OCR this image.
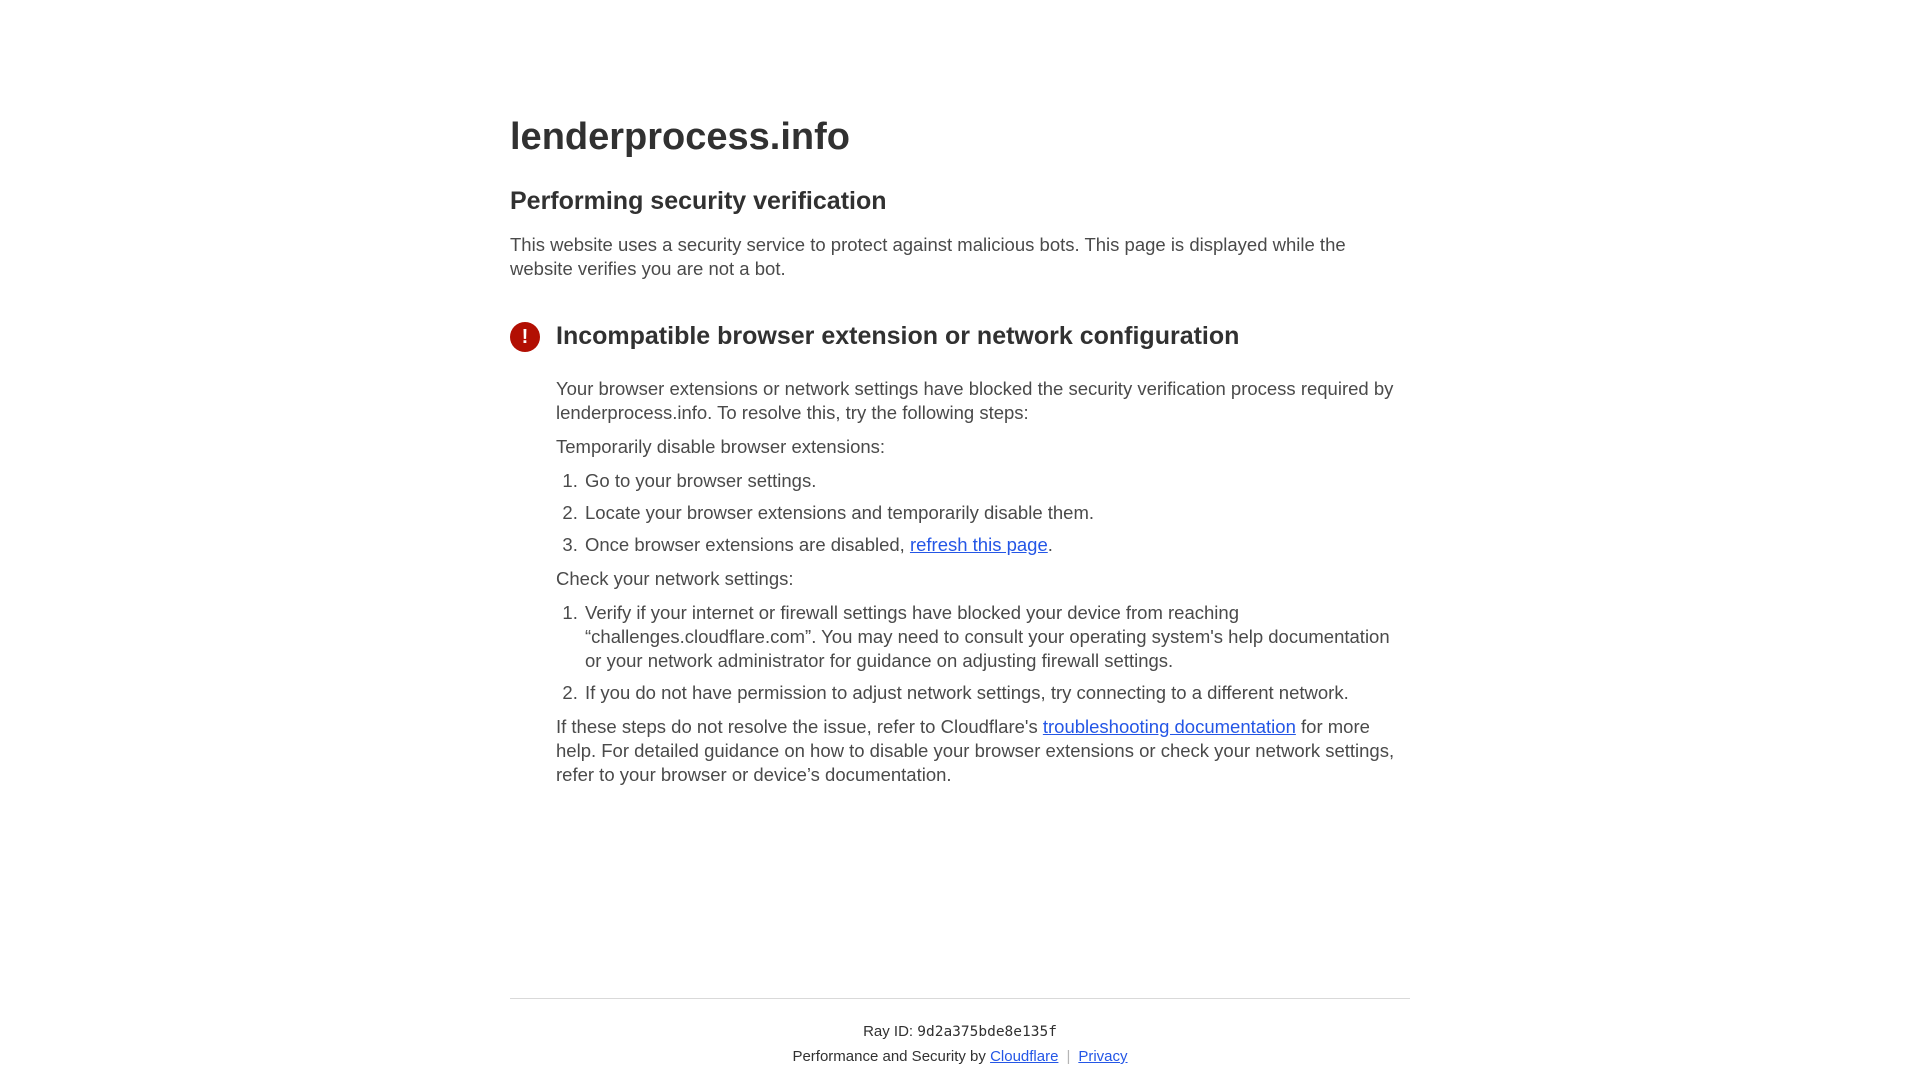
lenderprocess.info
Performing security verification

This website uses a security service to protect against malicious bots. This page is displayed while the website verifies you are not a bot.

!	Incompatible browser extension or network configuration

Your browser extensions or network settings have blocked the security verification process required by lenderprocess.info. To resolve this, try the following steps:

Temporarily disable browser extensions:

1. Go to your browser settings.
2. Locate your browser extensions and temporarily disable them.
3. Once browser extensions are disabled, refresh this page.

Check your network settings:

1. Verify if your internet or firewall settings have blocked your device from reaching “challenges.cloudflare.com”. You may need to consult your operating system's help documentation or your network administrator for guidance on adjusting firewall settings.
2. If you do not have permission to adjust network settings, try connecting to a different network.

If these steps do not resolve the issue, refer to Cloudflare's troubleshooting documentation for more help. For detailed guidance on how to disable your browser extensions or check your network settings, refer to your browser or device’s documentation.

Ray ID: 9d2a375bde8e135f
Performance and Security by Cloudflare | Privacy
